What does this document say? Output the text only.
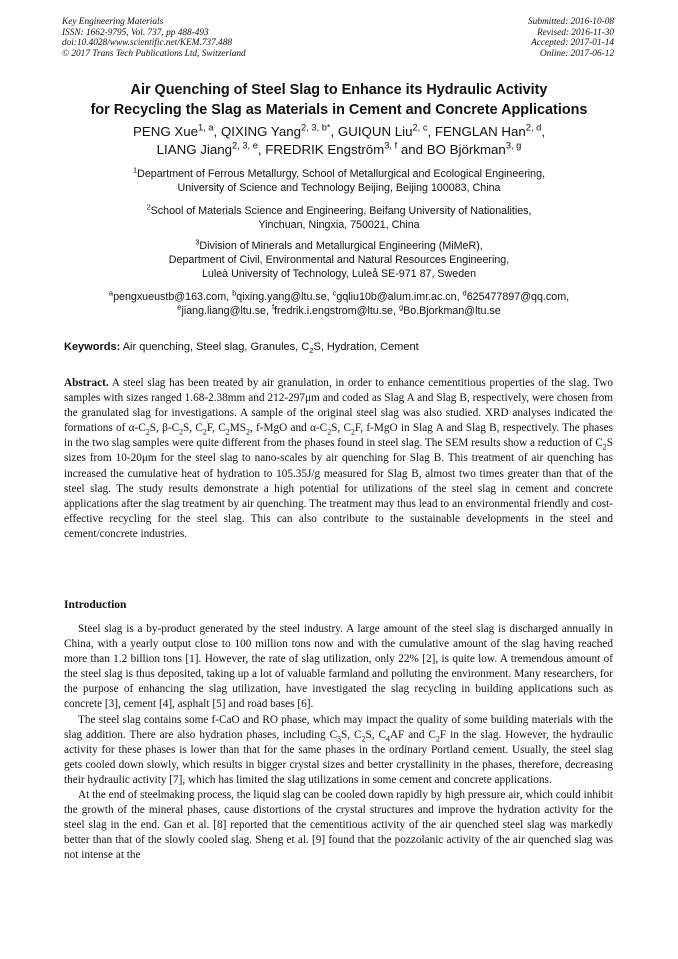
Key Engineering Materials
ISSN: 1662-9795, Vol. 737, pp 488-493
doi:10.4028/www.scientific.net/KEM.737.488
© 2017 Trans Tech Publications Ltd, Switzerland
Submitted: 2016-10-08
Revised: 2016-11-30
Accepted: 2017-01-14
Online: 2017-06-12
Air Quenching of Steel Slag to Enhance its Hydraulic Activity
for Recycling the Slag as Materials in Cement and Concrete Applications
PENG Xue$^{1, a}$, QIXING Yang$^{2, 3, b*}$, GUIQUN Liu$^{2, c}$, FENGLAN Han$^{2, d}$,
LIANG Jiang$^{2, 3, e}$, FREDRIK Engström$^{3, f}$ and BO Björkman$^{3, g}$
$^1$Department of Ferrous Metallurgy, School of Metallurgical and Ecological Engineering,
University of Science and Technology Beijing, Beijing 100083, China
$^2$School of Materials Science and Engineering, Beifang University of Nationalities,
Yinchuan, Ningxia, 750021, China
$^3$Division of Minerals and Metallurgical Engineering (MiMeR),
Department of Civil, Environmental and Natural Resources Engineering,
Luleà University of Technology, Luleå SE-971 87, Sweden
$^a$pengxueustb@163.com, $^b$qixing.yang@ltu.se, $^c$gqliu10b@alum.imr.ac.cn, $^d$625477897@qq.com,
$^e$jiang.liang@ltu.se, $^f$fredrik.i.engstrom@ltu.se, $^g$Bo.Bjorkman@ltu.se
Keywords: Air quenching, Steel slag, Granules, $C_2S$, Hydration, Cement
Abstract. A steel slag has been treated by air granulation, in order to enhance cementitious properties of the slag. Two samples with sizes ranged 1.68-2.38mm and 212-297μm and coded as Slag A and Slag B, respectively, were chosen from the granulated slag for investigations. A sample of the original steel slag was also studied. XRD analyses indicated the formations of $\alpha-C_2S$, $\beta-C_2S$, $C_2F$, $C_2MS_2$, f-MgO and $\alpha-C_2S$, $C_2F$, f-MgO in Slag A and Slag B, respectively. The phases in the two slag samples were quite different from the phases found in steel slag. The SEM results show a reduction of $C_2S$ sizes from 10-20μm for the steel slag to nano-scales by air quenching for Slag B. This treatment of air quenching has increased the cumulative heat of hydration to 105.35J/g measured for Slag B, almost two times greater than that of the steel slag. The study results demonstrate a high potential for utilizations of the steel slag in cement and concrete applications after the slag treatment by air quenching. The treatment may thus lead to an environmental friendly and cost-effective recycling for the steel slag. This can also contribute to the sustainable developments in the steel and cement/concrete industries.
Introduction

Steel slag is a by-product generated by the steel industry. A large amount of the steel slag is discharged annually in China, with a yearly output close to 100 million tons now and with the cumulative amount of the slag having reached more than 1.2 billion tons [1]. However, the rate of slag utilization, only 22% [2], is quite low. A tremendous amount of the steel slag is thus deposited, taking up a lot of valuable farmland and polluting the environment. Many researchers, for the purpose of enhancing the slag utilization, have investigated the slag recycling in building applications such as concrete [3], cement [4], asphalt [5] and road bases [6].

The steel slag contains some f-CaO and RO phase, which may impact the quality of some building materials with the slag addition. There are also hydration phases, including $C_3S$, $C_2S$, $C_4AF$ and $C_2F$ in the slag. However, the hydraulic activity for these phases is lower than that for the same phases in the ordinary Portland cement. Usually, the steel slag gets cooled down slowly, which results in bigger crystal sizes and better crystallinity in the phases, therefore, decreasing their hydraulic activity [7], which has limited the slag utilizations in some cement and concrete applications.

At the end of steelmaking process, the liquid slag can be cooled down rapidly by high pressure air, which could inhibit the growth of the mineral phases, cause distortions of the crystal structures and improve the hydration activity for the steel slag in the end. Gan et al. [8] reported that the cementitious activity of the air quenched steel slag was markedly better than that of the slowly cooled slag. Sheng et al. [9] found that the pozzolanic activity of the air quenched slag was not intense at the
